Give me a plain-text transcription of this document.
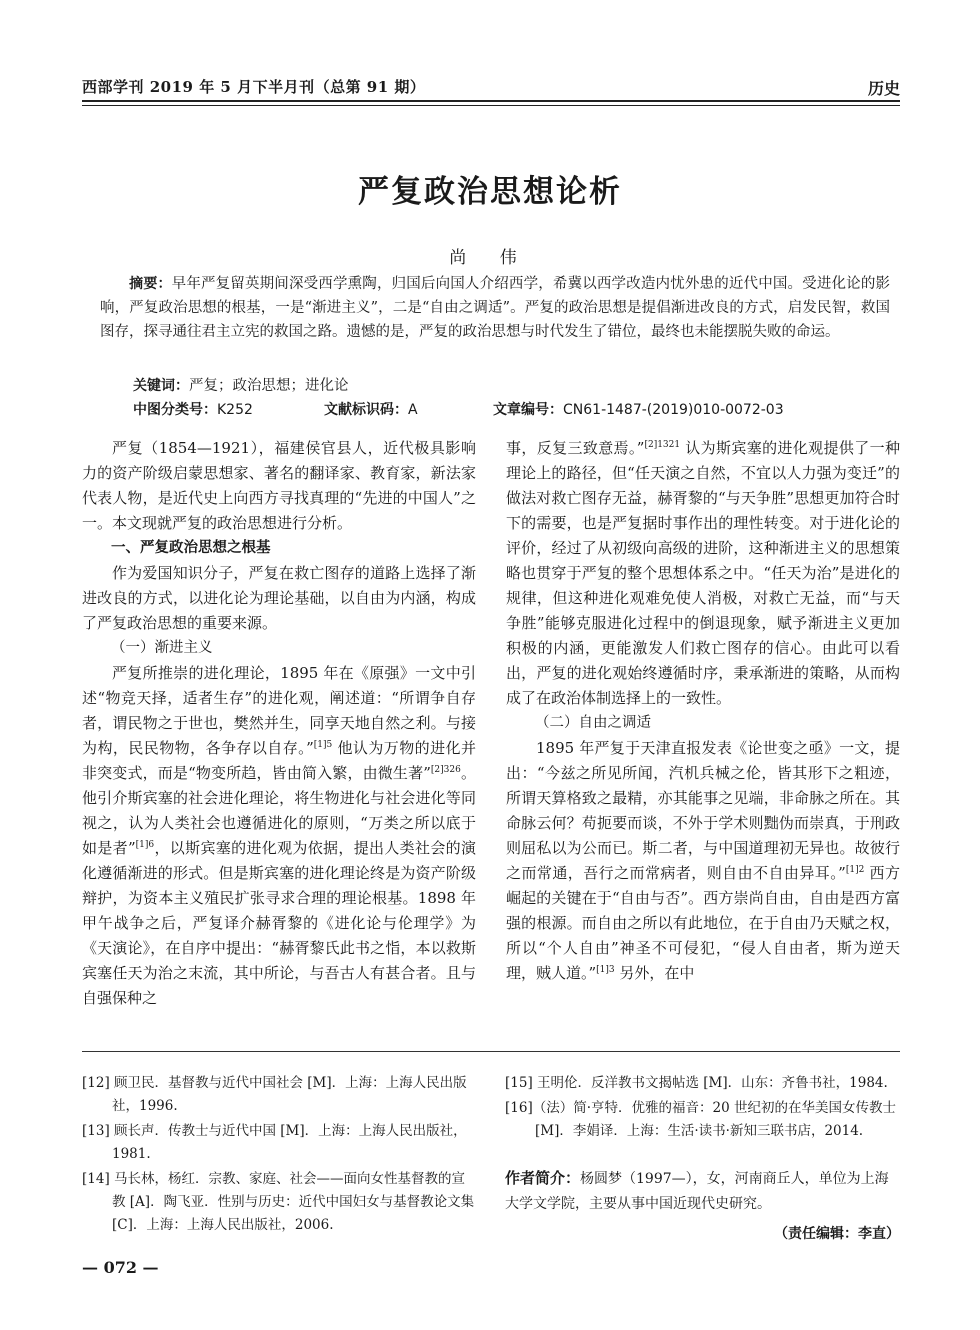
西部学刊 2019 年 5 月下半月刊（总第 91 期）	历史
严复政治思想论析
尚 伟
摘要：早年严复留英期间深受西学熏陶，归国后向国人介绍西学，希冀以西学改造内忧外患的近代中国。受进化论的影响，严复政治思想的根基，一是“渐进主义”，二是“自由之调适”。严复的政治思想是提倡渐进改良的方式，启发民智，救国图存，探寻通往君主立宪的救国之路。遗憾的是，严复的政治思想与时代发生了错位，最终也未能摆脱失败的命运。
关键词：严复；政治思想；进化论
中图分类号：K252	文献标识码：A	文章编号：CN61-1487-(2019)010-0072-03

严复（1854—1921），福建侯官县人，近代极具影响力的资产阶级启蒙思想家、著名的翻译家、教育家，新法家代表人物，是近代史上向西方寻找真理的“先进的中国人”之一。本文现就严复的政治思想进行分析。

一、严复政治思想之根基

作为爱国知识分子，严复在救亡图存的道路上选择了渐进改良的方式，以进化论为理论基础，以自由为内涵，构成了严复政治思想的重要来源。

（一）渐进主义

严复所推崇的进化理论，1895 年在《原强》一文中引述“物竞天择，适者生存”的进化观，阐述道：“所谓争自存者，谓民物之于世也，樊然并生，同享天地自然之利。与接为构，民民物物，各争存以自存。”$^{[1]5}$ 他认为万物的进化并非突变式，而是“物变所趋，皆由简入繁，由微生著”$^{[2]326}$。他引介斯宾塞的社会进化理论，将生物进化与社会进化等同视之，认为人类社会也遵循进化的原则，“万类之所以底于如是者”$^{[1]6}$，以斯宾塞的进化观为依据，提出人类社会的演化遵循渐进的形式。但是斯宾塞的进化理论终是为资产阶级辩护，为资本主义殖民扩张寻求合理的理论根基。1898 年甲午战争之后，严复译介赫胥黎的《进化论与伦理学》为《天演论》，在自序中提出：“赫胥黎氏此书之恉，本以救斯宾塞任天为治之末流，其中所论，与吾古人有甚合者。且与自强保种之

事，反复三致意焉。”$^{[2]1321}$ 认为斯宾塞的进化观提供了一种理论上的路径，但“任天演之自然，不宜以人力强为变迁”的做法对救亡图存无益，赫胥黎的“与天争胜”思想更加符合时下的需要，也是严复据时事作出的理性转变。对于进化论的评价，经过了从初级向高级的进阶，这种渐进主义的思想策略也贯穿于严复的整个思想体系之中。“任天为治”是进化的规律，但这种进化观难免使人消极，对救亡无益，而“与天争胜”能够克服进化过程中的倒退现象，赋予渐进主义更加积极的内涵，更能激发人们救亡图存的信心。由此可以看出，严复的进化观始终遵循时序，秉承渐进的策略，从而构成了在政治体制选择上的一致性。

（二）自由之调适

1895 年严复于天津直报发表《论世变之亟》一文，提出：“今兹之所见所闻，汽机兵械之伦，皆其形下之粗迹，所谓天算格致之最精，亦其能事之见端，非命脉之所在。其命脉云何？苟扼要而谈，不外于学术则黜伪而崇真，于刑政则屈私以为公而已。斯二者，与中国道理初无异也。故彼行之而常通，吾行之而常病者，则自由不自由异耳。”$^{[1]2}$ 西方崛起的关键在于“自由与否”。西方崇尚自由，自由是西方富强的根源。而自由之所以有此地位，在于自由乃天赋之权，所以“个人自由”神圣不可侵犯，“侵人自由者，斯为逆天理，贼人道。”$^{[1]3}$ 另外，在中

[12] 顾卫民．基督教与近代中国社会 [M]．上海：上海人民出版社，1996.

[13] 顾长声．传教士与近代中国 [M]．上海：上海人民出版社，1981.

[14] 马长林，杨红．宗教、家庭、社会——面向女性基督教的宣教 [A]．陶飞亚．性别与历史：近代中国妇女与基督教论文集 [C]．上海：上海人民出版社，2006.

[15] 王明伦．反洋教书文揭帖选 [M]．山东：齐鲁书社，1984.

[16]（法）简·亨特．优雅的福音：20 世纪初的在华美国女传教士 [M]．李娟译．上海：生活·读书·新知三联书店，2014.

作者简介：杨圆梦（1997—），女，河南商丘人，单位为上海大学文学院，主要从事中国近现代史研究。
（责任编辑：李直）
— 072 —
